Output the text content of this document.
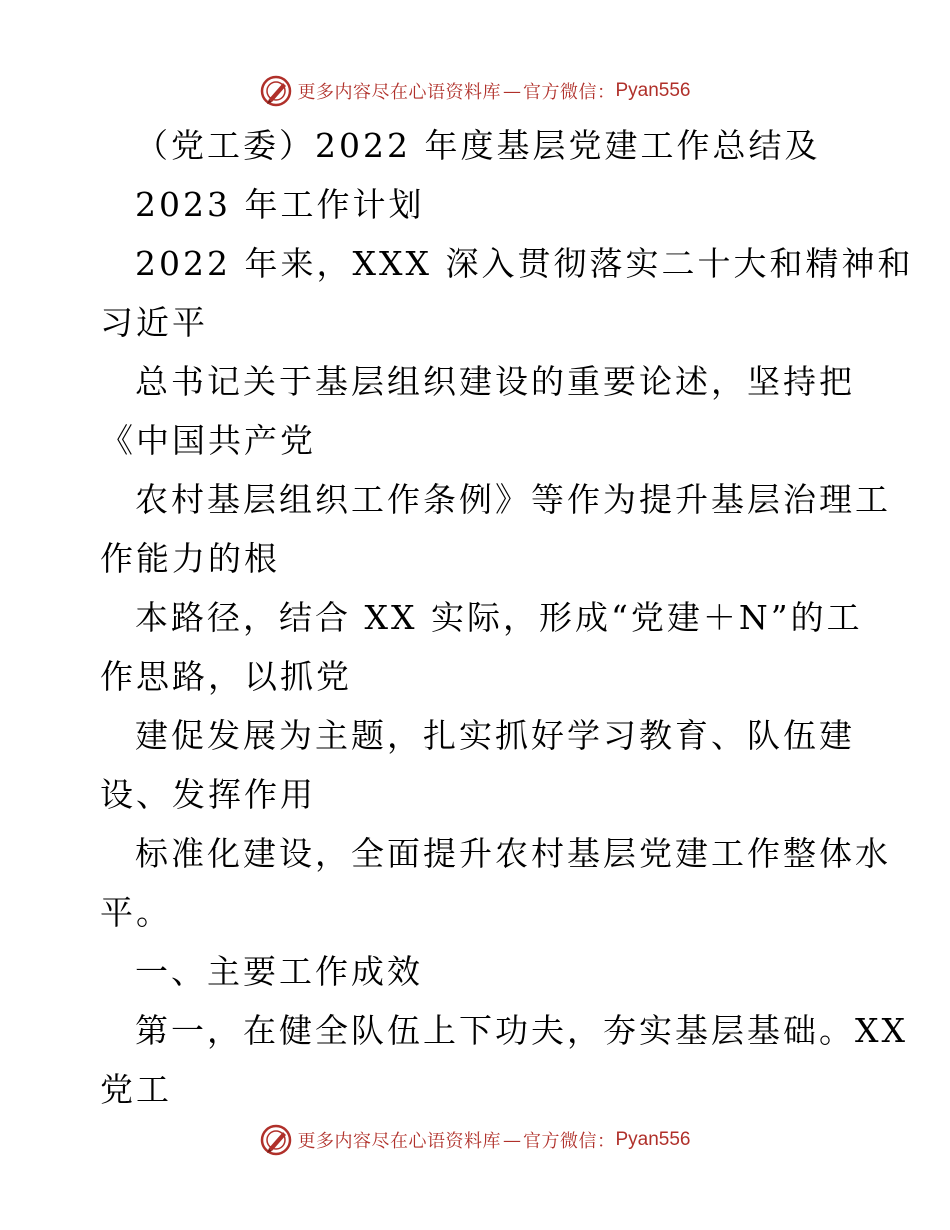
更多内容尽在心语资料库 — 官方微信： Pyan556
（党工委）2022 年度基层党建工作总结及
2023 年工作计划
2022 年来，XXX 深入贯彻落实二十大和精神和
习近平
总书记关于基层组织建设的重要论述，坚持把
《中国共产党
农村基层组织工作条例》等作为提升基层治理工
作能力的根
本路径，结合 XX 实际，形成“党建＋N”的工
作思路，以抓党
建促发展为主题，扎实抓好学习教育、队伍建
设、发挥作用
标准化建设，全面提升农村基层党建工作整体水
平。
一、主要工作成效
第一，在健全队伍上下功夫，夯实基层基础。XX
党工
更多内容尽在心语资料库 — 官方微信： Pyan556
